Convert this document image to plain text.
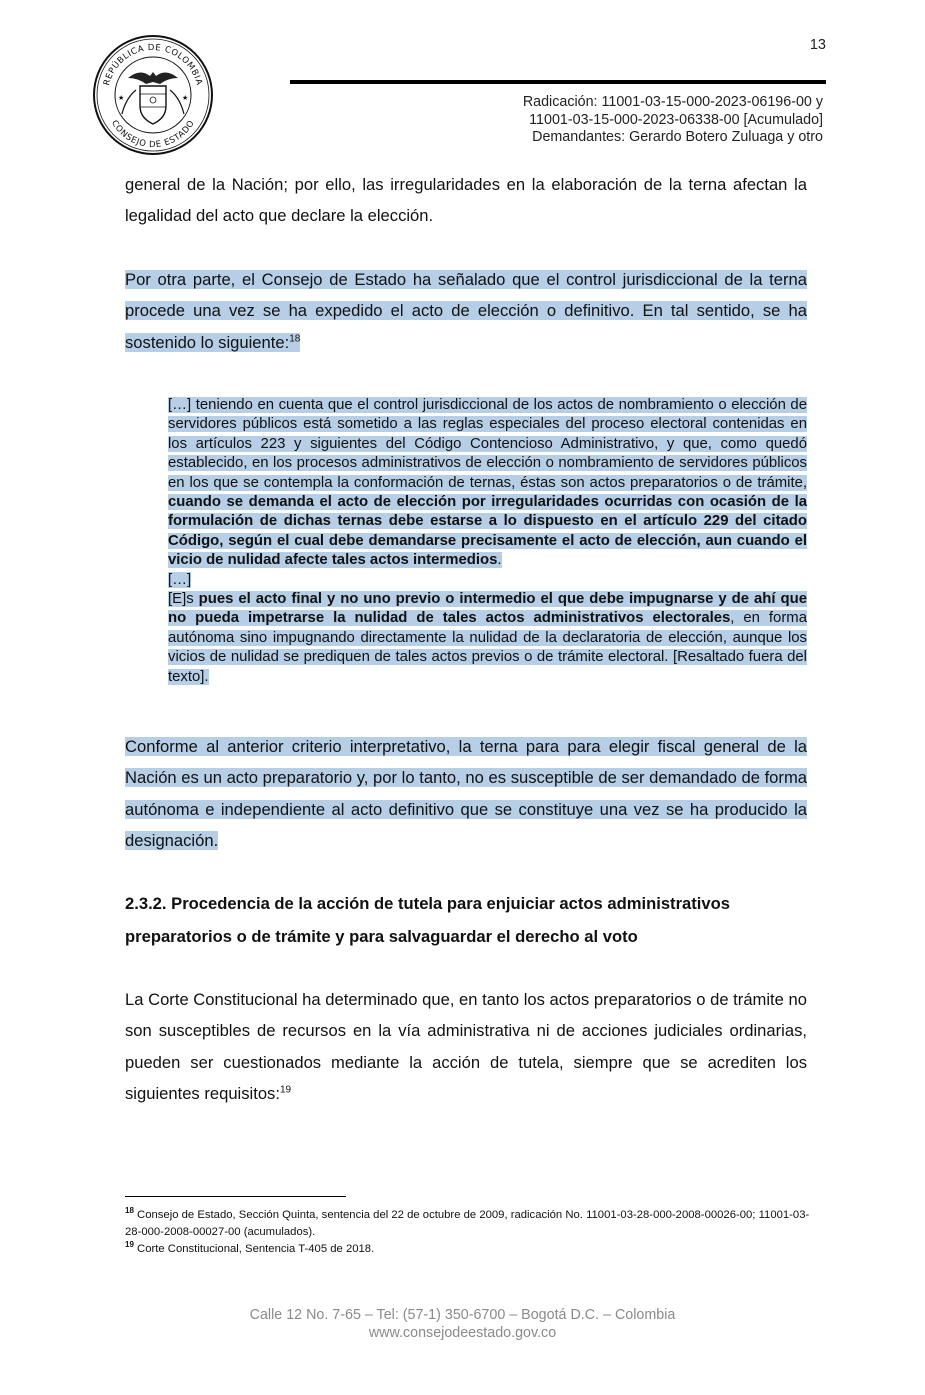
REPÚBLICA DE COLOMBIA
CONSEJO DE ESTADO
★	★
13
Radicación: 11001-03-15-000-2023-06196-00 y
11001-03-15-000-2023-06338-00 [Acumulado]
Demandantes: Gerardo Botero Zuluaga y otro
general de la Nación; por ello, las irregularidades en la elaboración de la terna afectan la legalidad del acto que declare la elección.
Por otra parte, el Consejo de Estado ha señalado que el control jurisdiccional de la terna procede una vez se ha expedido el acto de elección o definitivo. En tal sentido, se ha sostenido lo siguiente:$^{18}$
[…] teniendo en cuenta que el control jurisdiccional de los actos de nombramiento o elección de servidores públicos está sometido a las reglas especiales del proceso electoral contenidas en los artículos 223 y siguientes del Código Contencioso Administrativo, y que, como quedó establecido, en los procesos administrativos de elección o nombramiento de servidores públicos en los que se contempla la conformación de ternas, éstas son actos preparatorios o de trámite, cuando se demanda el acto de elección por irregularidades ocurridas con ocasión de la formulación de dichas ternas debe estarse a lo dispuesto en el artículo 229 del citado Código, según el cual debe demandarse precisamente el acto de elección, aun cuando el vicio de nulidad afecte tales actos intermedios.
[…]
[E]s pues el acto final y no uno previo o intermedio el que debe impugnarse y de ahí que no pueda impetrarse la nulidad de tales actos administrativos electorales, en forma autónoma sino impugnando directamente la nulidad de la declaratoria de elección, aunque los vicios de nulidad se prediquen de tales actos previos o de trámite electoral. [Resaltado fuera del texto].
Conforme al anterior criterio interpretativo, la terna para para elegir fiscal general de la Nación es un acto preparatorio y, por lo tanto, no es susceptible de ser demandado de forma autónoma e independiente al acto definitivo que se constituye una vez se ha producido la designación.
2.3.2. Procedencia de la acción de tutela para enjuiciar actos administrativos preparatorios o de trámite y para salvaguardar el derecho al voto
La Corte Constitucional ha determinado que, en tanto los actos preparatorios o de trámite no son susceptibles de recursos en la vía administrativa ni de acciones judiciales ordinarias, pueden ser cuestionados mediante la acción de tutela, siempre que se acrediten los siguientes requisitos:$^{19}$
$^{18}$ Consejo de Estado, Sección Quinta, sentencia del 22 de octubre de 2009, radicación No. 11001-03-28-000-2008-00026-00; 11001-03-28-000-2008-00027-00 (acumulados).
$^{19}$ Corte Constitucional, Sentencia T-405 de 2018.
Calle 12 No. 7-65 – Tel: (57-1) 350-6700 – Bogotá D.C. – Colombia
www.consejodeestado.gov.co
